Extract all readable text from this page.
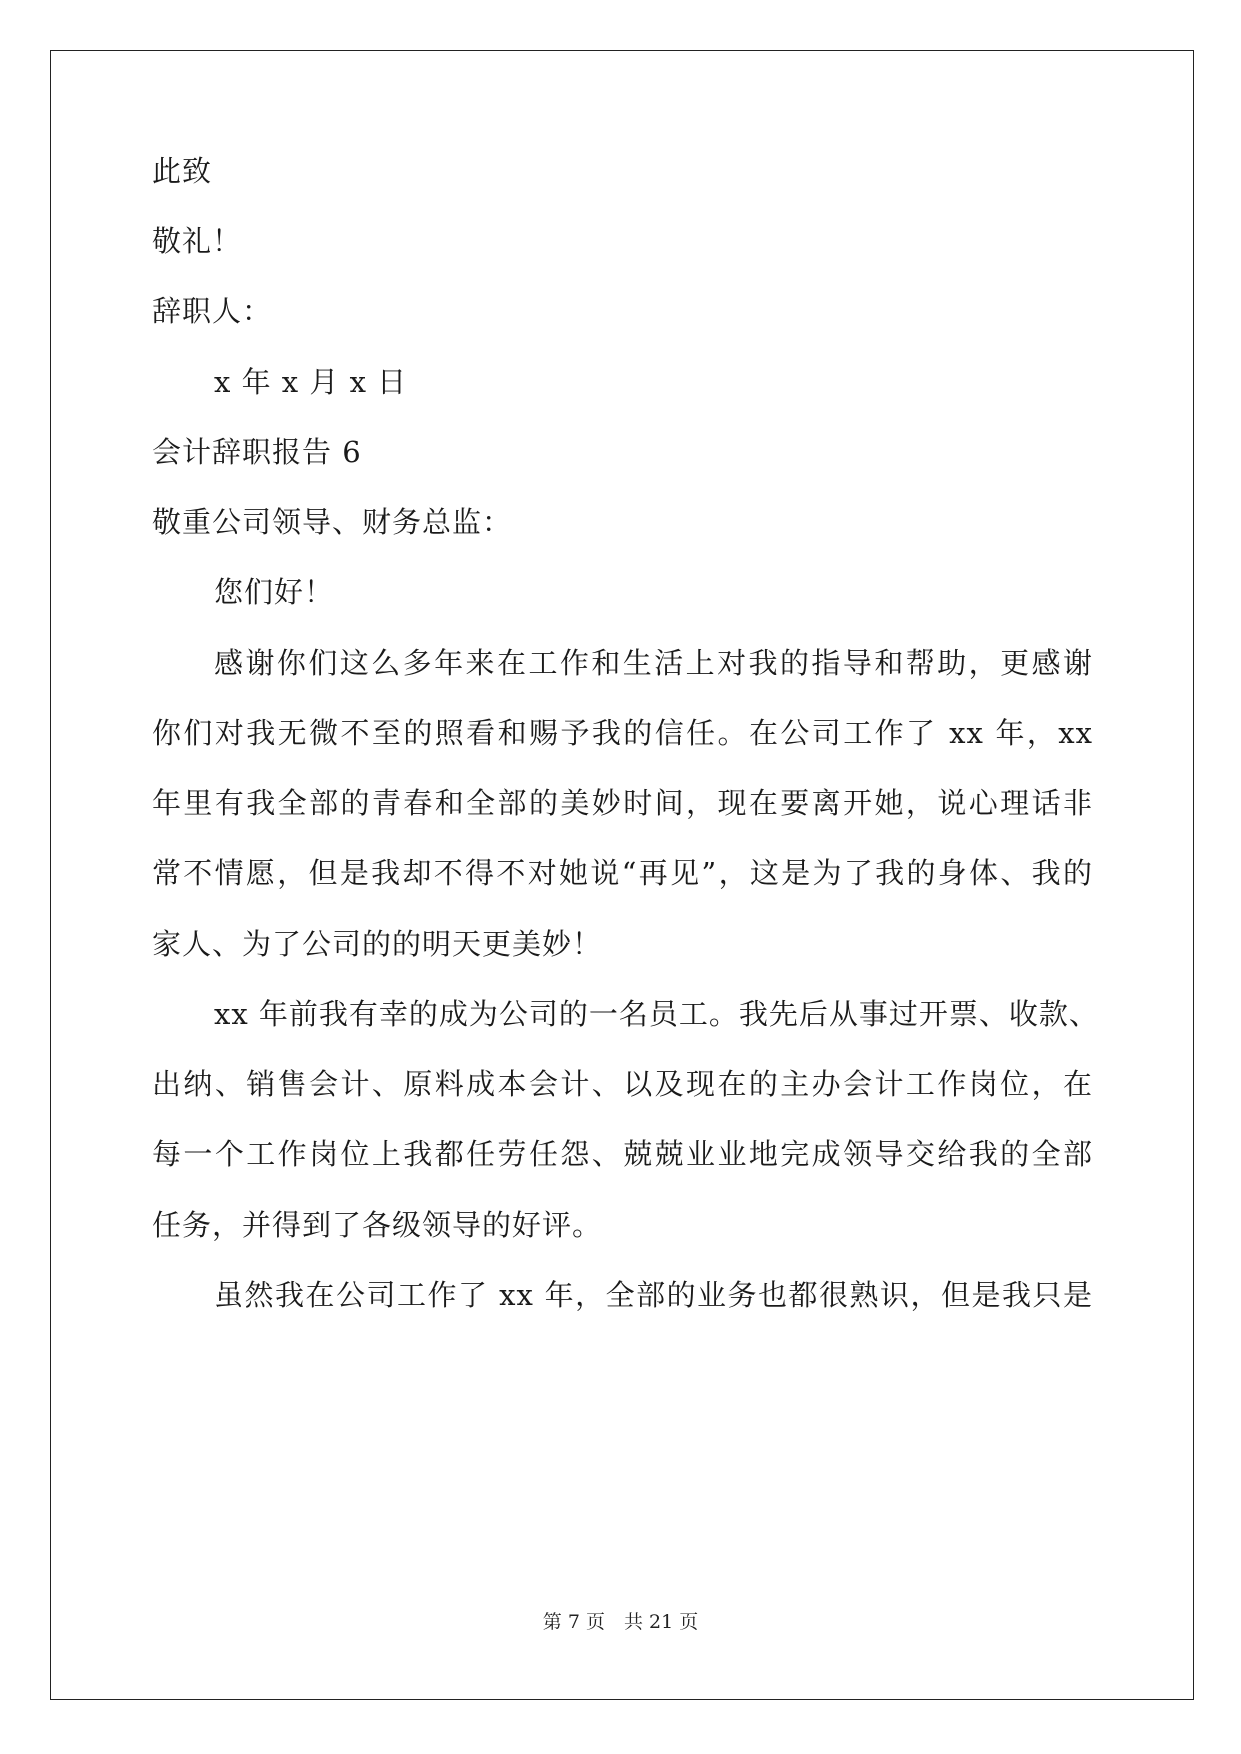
此致
敬礼！
辞职人：
x 年 x 月 x 日
会计辞职报告 6
敬重公司领导、财务总监：
您们好！
感谢你们这么多年来在工作和生活上对我的指导和帮助，更感谢
你们对我无微不至的照看和赐予我的信任。在公司工作了 xx 年，xx
年里有我全部的青春和全部的美妙时间，现在要离开她，说心理话非
常不情愿，但是我却不得不对她说“再见”，这是为了我的身体、我的
家人、为了公司的的明天更美妙！
xx 年前我有幸的成为公司的一名员工。我先后从事过开票、收款、
出纳、销售会计、原料成本会计、以及现在的主办会计工作岗位，在
每一个工作岗位上我都任劳任怨、兢兢业业地完成领导交给我的全部
任务，并得到了各级领导的好评。
虽然我在公司工作了 xx 年，全部的业务也都很熟识，但是我只是
第 7 页　共 21 页
